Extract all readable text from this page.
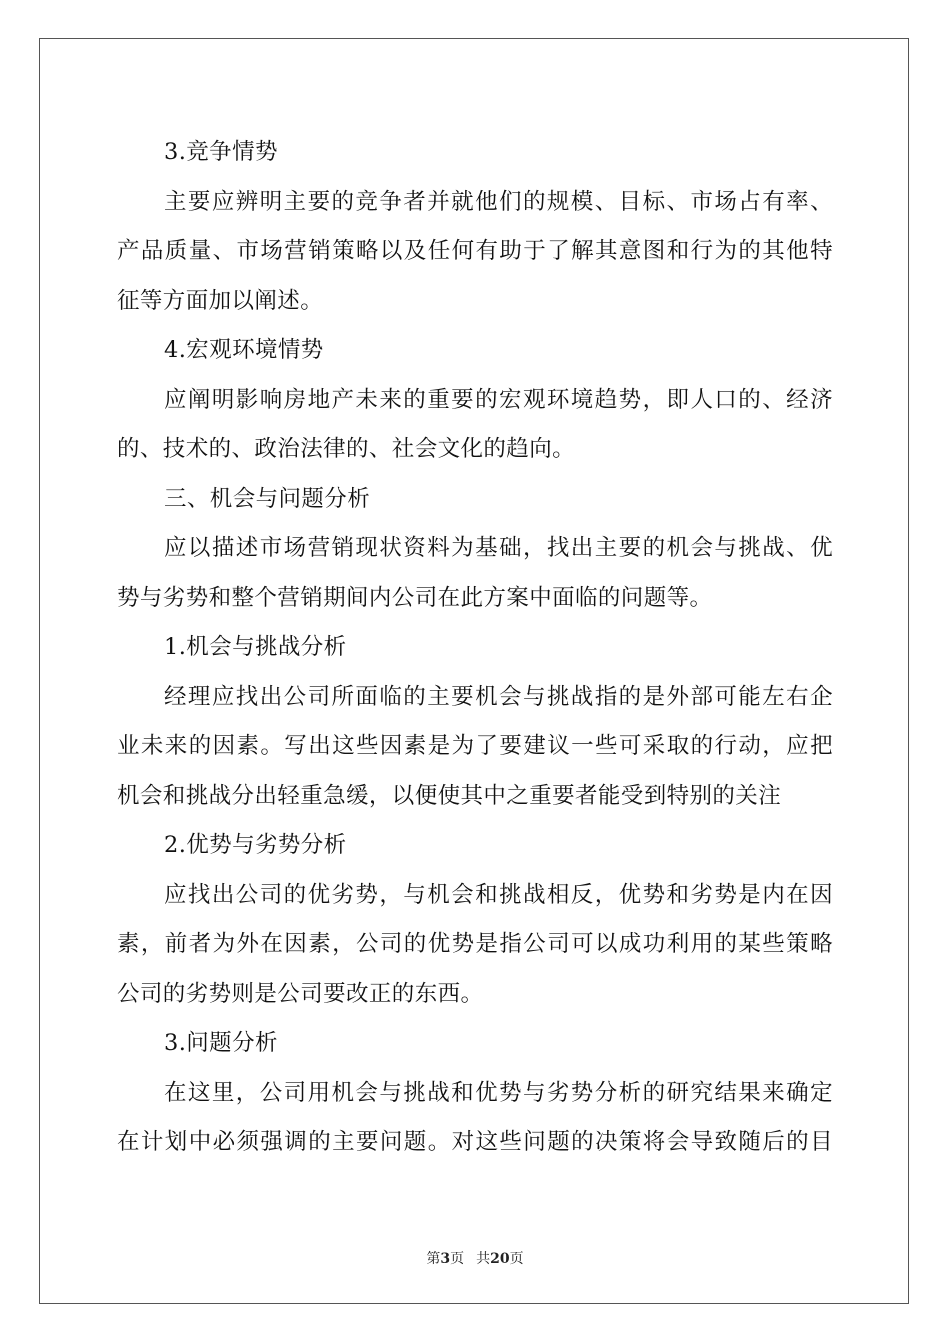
3.竞争情势
主要应辨明主要的竞争者并就他们的规模、目标、市场占有率、
产品质量、市场营销策略以及任何有助于了解其意图和行为的其他特
征等方面加以阐述。
4.宏观环境情势
应阐明影响房地产未来的重要的宏观环境趋势，即人口的、经济
的、技术的、政治法律的、社会文化的趋向。
三、机会与问题分析
应以描述市场营销现状资料为基础，找出主要的机会与挑战、优
势与劣势和整个营销期间内公司在此方案中面临的问题等。
1.机会与挑战分析
经理应找出公司所面临的主要机会与挑战指的是外部可能左右企
业未来的因素。写出这些因素是为了要建议一些可采取的行动，应把
机会和挑战分出轻重急缓，以便使其中之重要者能受到特别的关注
2.优势与劣势分析
应找出公司的优劣势，与机会和挑战相反，优势和劣势是内在因
素，前者为外在因素，公司的优势是指公司可以成功利用的某些策略
公司的劣势则是公司要改正的东西。
3.问题分析
在这里，公司用机会与挑战和优势与劣势分析的研究结果来确定
在计划中必须强调的主要问题。对这些问题的决策将会导致随后的目
第3页 共20页
